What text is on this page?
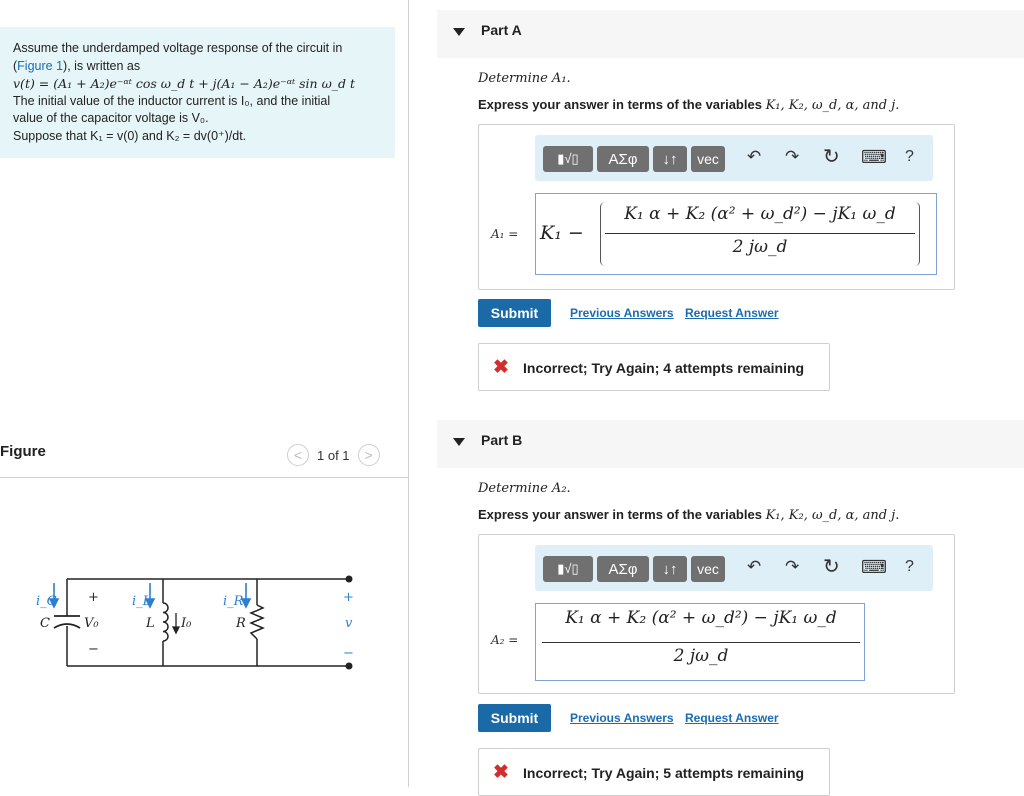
Assume the underdamped voltage response of the circuit in
(Figure 1), is written as
v(t) = (A₁ + A₂)e⁻ᵅᵗ cos ω_d t + j(A₁ − A₂)e⁻ᵅᵗ sin ω_d t
The initial value of the inductor current is I₀, and the initial
value of the capacitor voltage is V₀.
Suppose that K₁ = v(0) and K₂ = dv(0⁺)/dt.
Figure	< 1 of 1 >
i_C +
C	V₀
−
i_L
L I₀
i_R
R
+
v
−
Part A
Determine A₁.
Express your answer in terms of the variables K₁, K₂, ω_d, α, and j.
▮√▯ ΑΣφ ↓↑ vec ↶ ↷ ↻ ⌨ ?
A₁ = K₁ −
K₁ α + K₂ (α² + ω_d²) − jK₁ ω_d
2 jω_d
Submit	Previous Answers Request Answer
✖ Incorrect; Try Again; 4 attempts remaining
Part B
Determine A₂.
Express your answer in terms of the variables K₁, K₂, ω_d, α, and j.
▮√▯ ΑΣφ ↓↑ vec ↶ ↷ ↻ ⌨ ?
A₂ =
K₁ α + K₂ (α² + ω_d²) − jK₁ ω_d
2 jω_d
Submit	Previous Answers Request Answer
✖ Incorrect; Try Again; 5 attempts remaining
